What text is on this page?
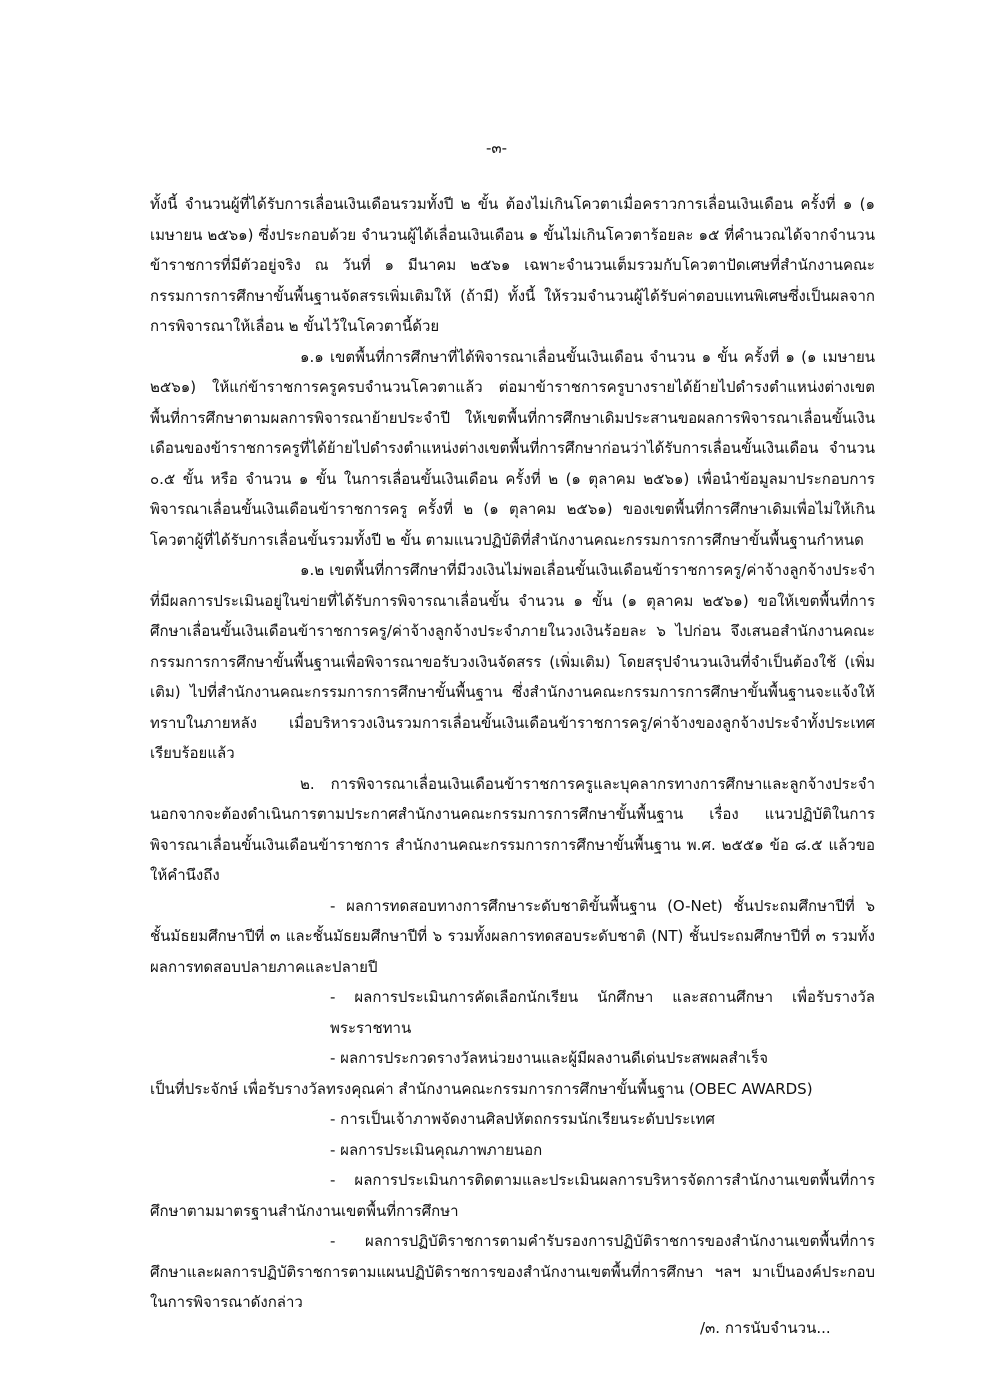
-๓-

ทั้งนี้ จำนวนผู้ที่ได้รับการเลื่อนเงินเดือนรวมทั้งปี ๒ ขั้น ต้องไม่เกินโควตาเมื่อคราวการเลื่อนเงินเดือน ครั้งที่ ๑ (๑ เมษายน ๒๕๖๑) ซึ่งประกอบด้วย จำนวนผู้ได้เลื่อนเงินเดือน ๑ ขั้นไม่เกินโควตาร้อยละ ๑๕ ที่คำนวณได้จากจำนวนข้าราชการที่มีตัวอยู่จริง ณ วันที่ ๑ มีนาคม ๒๕๖๑ เฉพาะจำนวนเต็มรวมกับโควตาปัดเศษที่สำนักงานคณะกรรมการการศึกษาขั้นพื้นฐานจัดสรรเพิ่มเติมให้ (ถ้ามี) ทั้งนี้ ให้รวมจำนวนผู้ได้รับค่าตอบแทนพิเศษซึ่งเป็นผลจากการพิจารณาให้เลื่อน ๒ ขั้นไว้ในโควตานี้ด้วย

๑.๑ เขตพื้นที่การศึกษาที่ได้พิจารณาเลื่อนขั้นเงินเดือน จำนวน ๑ ขั้น ครั้งที่ ๑ (๑ เมษายน ๒๕๖๑) ให้แก่ข้าราชการครูครบจำนวนโควตาแล้ว ต่อมาข้าราชการครูบางรายได้ย้ายไปดำรงตำแหน่งต่างเขตพื้นที่การศึกษาตามผลการพิจารณาย้ายประจำปี ให้เขตพื้นที่การศึกษาเดิมประสานขอผลการพิจารณาเลื่อนขั้นเงินเดือนของข้าราชการครูที่ได้ย้ายไปดำรงตำแหน่งต่างเขตพื้นที่การศึกษาก่อนว่าได้รับการเลื่อนขั้นเงินเดือน จำนวน ๐.๕ ขั้น หรือ จำนวน ๑ ขั้น ในการเลื่อนขั้นเงินเดือน ครั้งที่ ๒ (๑ ตุลาคม ๒๕๖๑) เพื่อนำข้อมูลมาประกอบการพิจารณาเลื่อนขั้นเงินเดือนข้าราชการครู ครั้งที่ ๒ (๑ ตุลาคม ๒๕๖๑) ของเขตพื้นที่การศึกษาเดิมเพื่อไม่ให้เกินโควตาผู้ที่ได้รับการเลื่อนขั้นรวมทั้งปี ๒ ขั้น ตามแนวปฏิบัติที่สำนักงานคณะกรรมการการศึกษาขั้นพื้นฐานกำหนด

๑.๒ เขตพื้นที่การศึกษาที่มีวงเงินไม่พอเลื่อนขั้นเงินเดือนข้าราชการครู/ค่าจ้างลูกจ้างประจำที่มีผลการประเมินอยู่ในข่ายที่ได้รับการพิจารณาเลื่อนขั้น จำนวน ๑ ขั้น (๑ ตุลาคม ๒๕๖๑) ขอให้เขตพื้นที่การศึกษาเลื่อนขั้นเงินเดือนข้าราชการครู/ค่าจ้างลูกจ้างประจำภายในวงเงินร้อยละ ๖ ไปก่อน จึงเสนอสำนักงานคณะกรรมการการศึกษาขั้นพื้นฐานเพื่อพิจารณาขอรับวงเงินจัดสรร (เพิ่มเติม) โดยสรุปจำนวนเงินที่จำเป็นต้องใช้ (เพิ่มเติม) ไปที่สำนักงานคณะกรรมการการศึกษาขั้นพื้นฐาน ซึ่งสำนักงานคณะกรรมการการศึกษาขั้นพื้นฐานจะแจ้งให้ทราบในภายหลัง เมื่อบริหารวงเงินรวมการเลื่อนขั้นเงินเดือนข้าราชการครู/ค่าจ้างของลูกจ้างประจำทั้งประเทศเรียบร้อยแล้ว

๒. การพิจารณาเลื่อนเงินเดือนข้าราชการครูและบุคลากรทางการศึกษาและลูกจ้างประจำนอกจากจะต้องดำเนินการตามประกาศสำนักงานคณะกรรมการการศึกษาขั้นพื้นฐาน เรื่อง แนวปฏิบัติในการพิจารณาเลื่อนขั้นเงินเดือนข้าราชการ สำนักงานคณะกรรมการการศึกษาขั้นพื้นฐาน พ.ศ. ๒๕๕๑ ข้อ ๘.๕ แล้วขอให้คำนึงถึง

- ผลการทดสอบทางการศึกษาระดับชาติขั้นพื้นฐาน (O-Net) ชั้นประถมศึกษาปีที่ ๖ ชั้นมัธยมศึกษาปีที่ ๓ และชั้นมัธยมศึกษาปีที่ ๖ รวมทั้งผลการทดสอบระดับชาติ (NT) ชั้นประถมศึกษาปีที่ ๓ รวมทั้งผลการทดสอบปลายภาคและปลายปี

- ผลการประเมินการคัดเลือกนักเรียน นักศึกษา และสถานศึกษา เพื่อรับรางวัลพระราชทาน

- ผลการประกวดรางวัลหน่วยงานและผู้มีผลงานดีเด่นประสพผลสำเร็จ

เป็นที่ประจักษ์ เพื่อรับรางวัลทรงคุณค่า สำนักงานคณะกรรมการการศึกษาขั้นพื้นฐาน (OBEC AWARDS)

- การเป็นเจ้าภาพจัดงานศิลปหัตถกรรมนักเรียนระดับประเทศ

- ผลการประเมินคุณภาพภายนอก

- ผลการประเมินการติดตามและประเมินผลการบริหารจัดการสำนักงานเขตพื้นที่การศึกษาตามมาตรฐานสำนักงานเขตพื้นที่การศึกษา

- ผลการปฏิบัติราชการตามคำรับรองการปฏิบัติราชการของสำนักงานเขตพื้นที่การศึกษาและผลการปฏิบัติราชการตามแผนปฏิบัติราชการของสำนักงานเขตพื้นที่การศึกษา ฯลฯ มาเป็นองค์ประกอบในการพิจารณาดังกล่าว

/๓. การนับจำนวน...
